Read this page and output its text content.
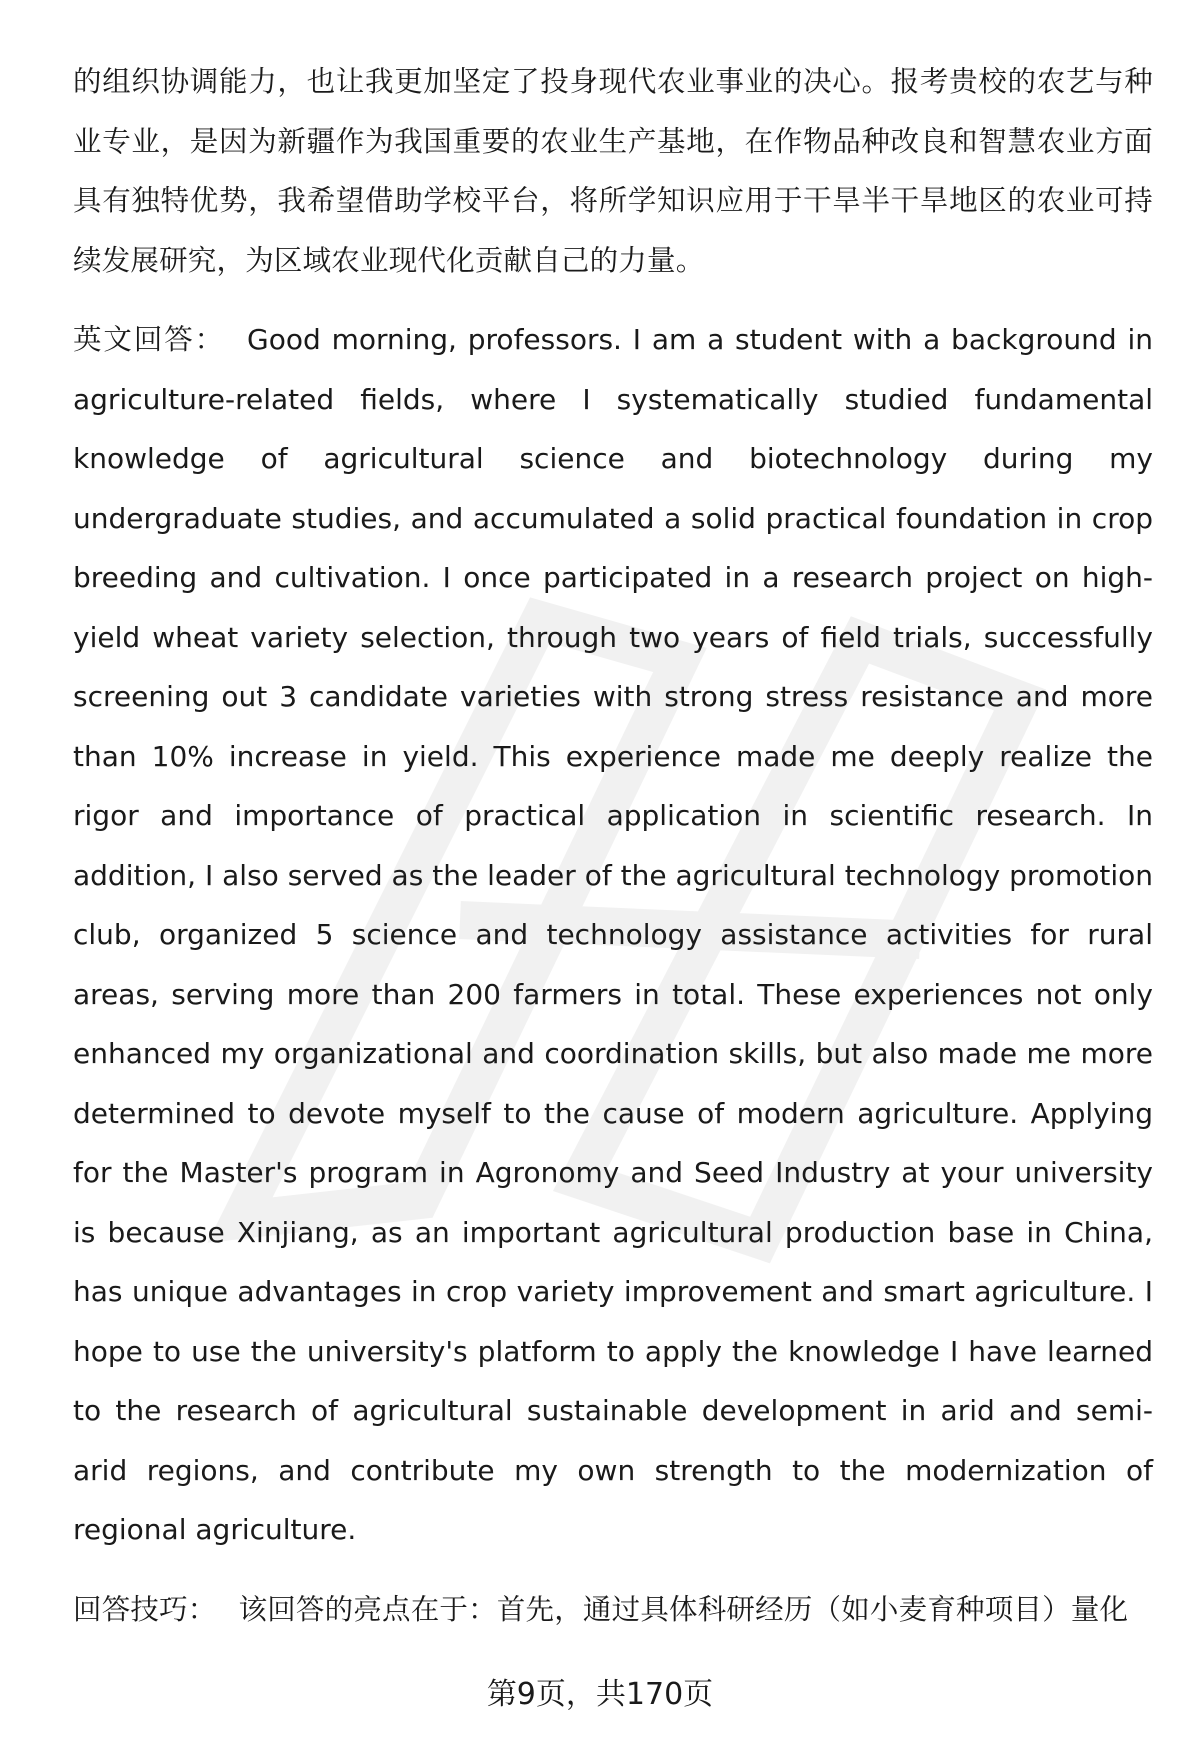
的组织协调能力，也让我更加坚定了投身现代农业事业的决心。报考贵校的农艺与种业专业，是因为新疆作为我国重要的农业生产基地，在作物品种改良和智慧农业方面具有独特优势，我希望借助学校平台，将所学知识应用于干旱半干旱地区的农业可持续发展研究，为区域农业现代化贡献自己的力量。

英文回答： Good morning, professors. I am a student with a background in agriculture-related fields, where I systematically studied fundamental knowledge of agricultural science and biotechnology during my undergraduate studies, and accumulated a solid practical foundation in crop breeding and cultivation. I once participated in a research project on high-yield wheat variety selection, through two years of field trials, successfully screening out 3 candidate varieties with strong stress resistance and more than 10% increase in yield. This experience made me deeply realize the rigor and importance of practical application in scientific research. In addition, I also served as the leader of the agricultural technology promotion club, organized 5 science and technology assistance activities for rural areas, serving more than 200 farmers in total. These experiences not only enhanced my organizational and coordination skills, but also made me more determined to devote myself to the cause of modern agriculture. Applying for the Master's program in Agronomy and Seed Industry at your university is because Xinjiang, as an important agricultural production base in China, has unique advantages in crop variety improvement and smart agriculture. I hope to use the university's platform to apply the knowledge I have learned to the research of agricultural sustainable development in arid and semi-arid regions, and contribute my own strength to the modernization of regional agriculture.

回答技巧： 该回答的亮点在于：首先，通过具体科研经历（如小麦育种项目）量化

第9页，共170页
